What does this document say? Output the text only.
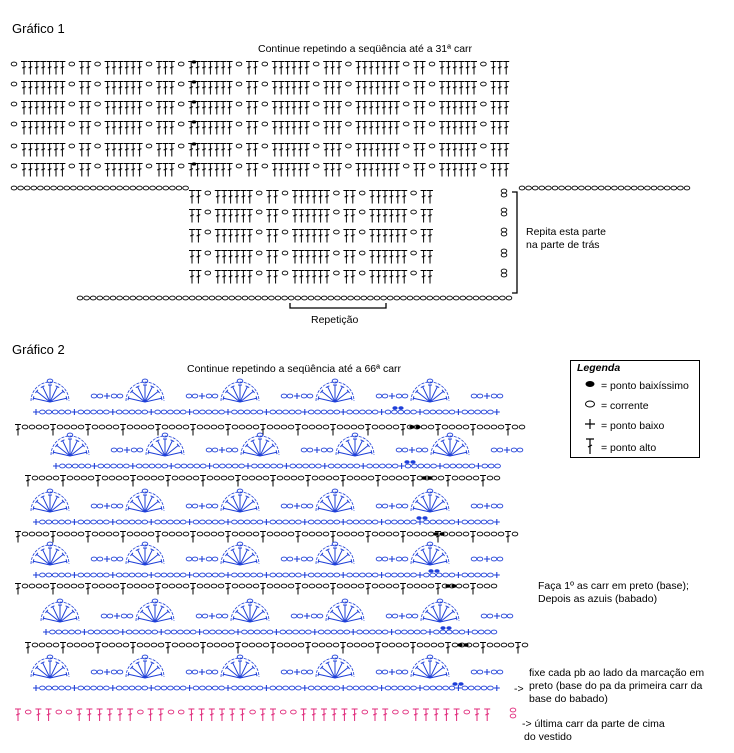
Gráfico 1
Continue repetindo a seqüência até a 31ª carr
Repita esta parte
na parte de trás
Repetição
Gráfico 2
Continue repetindo a seqüência até a 66ª carr
Faça 1º as carr em preto (base);
Depois as azuis (babado)
fixe cada pb ao lado da marcação em
preto (base do pa da primeira carr da
base do babado)
->
-> última carr da parte de cima
do vestido
Legenda
= ponto baixíssimo
= corrente
= ponto baixo
= ponto alto
